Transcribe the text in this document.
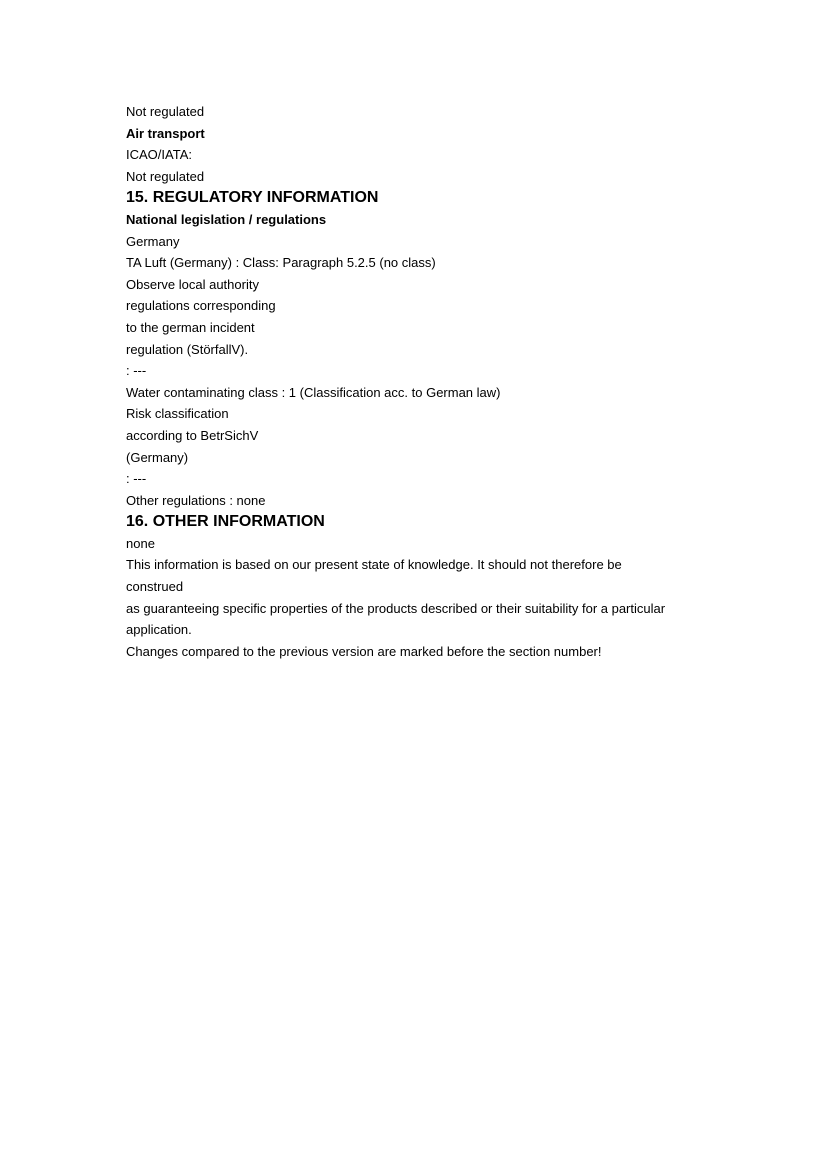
Not regulated
Air transport
ICAO/IATA:
Not regulated
15. REGULATORY INFORMATION
National legislation / regulations
Germany
TA Luft (Germany) : Class: Paragraph 5.2.5 (no class)
Observe local authority
regulations corresponding
to the german incident
regulation (StörfallV).
: ---
Water contaminating class : 1 (Classification acc. to German law)
Risk classification
according to BetrSichV
(Germany)
: ---
Other regulations : none
16. OTHER INFORMATION
none
This information is based on our present state of knowledge. It should not therefore be
construed
as guaranteeing specific properties of the products described or their suitability for a particular
application.
Changes compared to the previous version are marked before the section number!
